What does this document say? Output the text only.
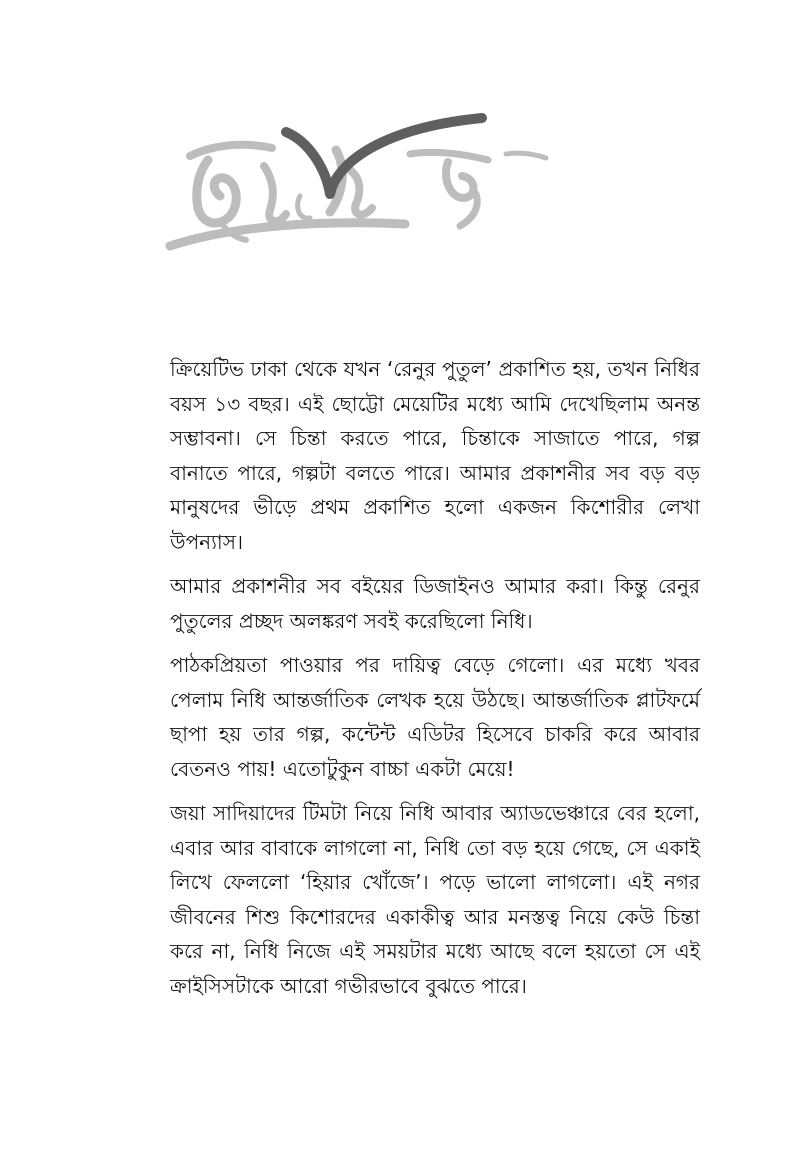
ক্রিয়েটিভ ঢাকা থেকে যখন ‘রেনুর পুতুল’ প্রকাশিত হয়, তখন নিধির বয়স ১৩ বছর। এই ছোট্টো মেয়েটির মধ্যে আমি দেখেছিলাম অনন্ত সম্ভাবনা। সে চিন্তা করতে পারে, চিন্তাকে সাজাতে পারে, গল্প বানাতে পারে, গল্পটা বলতে পারে। আমার প্রকাশনীর সব বড় বড় মানুষদের ভীড়ে প্রথম প্রকাশিত হলো একজন কিশোরীর লেখা উপন্যাস।

আমার প্রকাশনীর সব বইয়ের ডিজাইনও আমার করা। কিন্তু রেনুর পুতুলের প্রচ্ছদ অলঙ্করণ সবই করেছিলো নিধি।

পাঠকপ্রিয়তা পাওয়ার পর দায়িত্ব বেড়ে গেলো। এর মধ্যে খবর পেলাম নিধি আন্তর্জাতিক লেখক হয়ে উঠছে। আন্তর্জাতিক প্লাটফর্মে ছাপা হয় তার গল্প, কন্টেন্ট এডিটর হিসেবে চাকরি করে আবার বেতনও পায়! এতোটুকুন বাচ্চা একটা মেয়ে!

জয়া সাদিয়াদের টিমটা নিয়ে নিধি আবার অ্যাডভেঞ্চারে বের হলো, এবার আর বাবাকে লাগলো না, নিধি তো বড় হয়ে গেছে, সে একাই লিখে ফেললো ‘হিয়ার খোঁজে’। পড়ে ভালো লাগলো। এই নগর জীবনের শিশু কিশোরদের একাকীত্ব আর মনস্তত্ব নিয়ে কেউ চিন্তা করে না, নিধি নিজে এই সময়টার মধ্যে আছে বলে হয়তো সে এই ক্রাইসিসটাকে আরো গভীরভাবে বুঝতে পারে।
